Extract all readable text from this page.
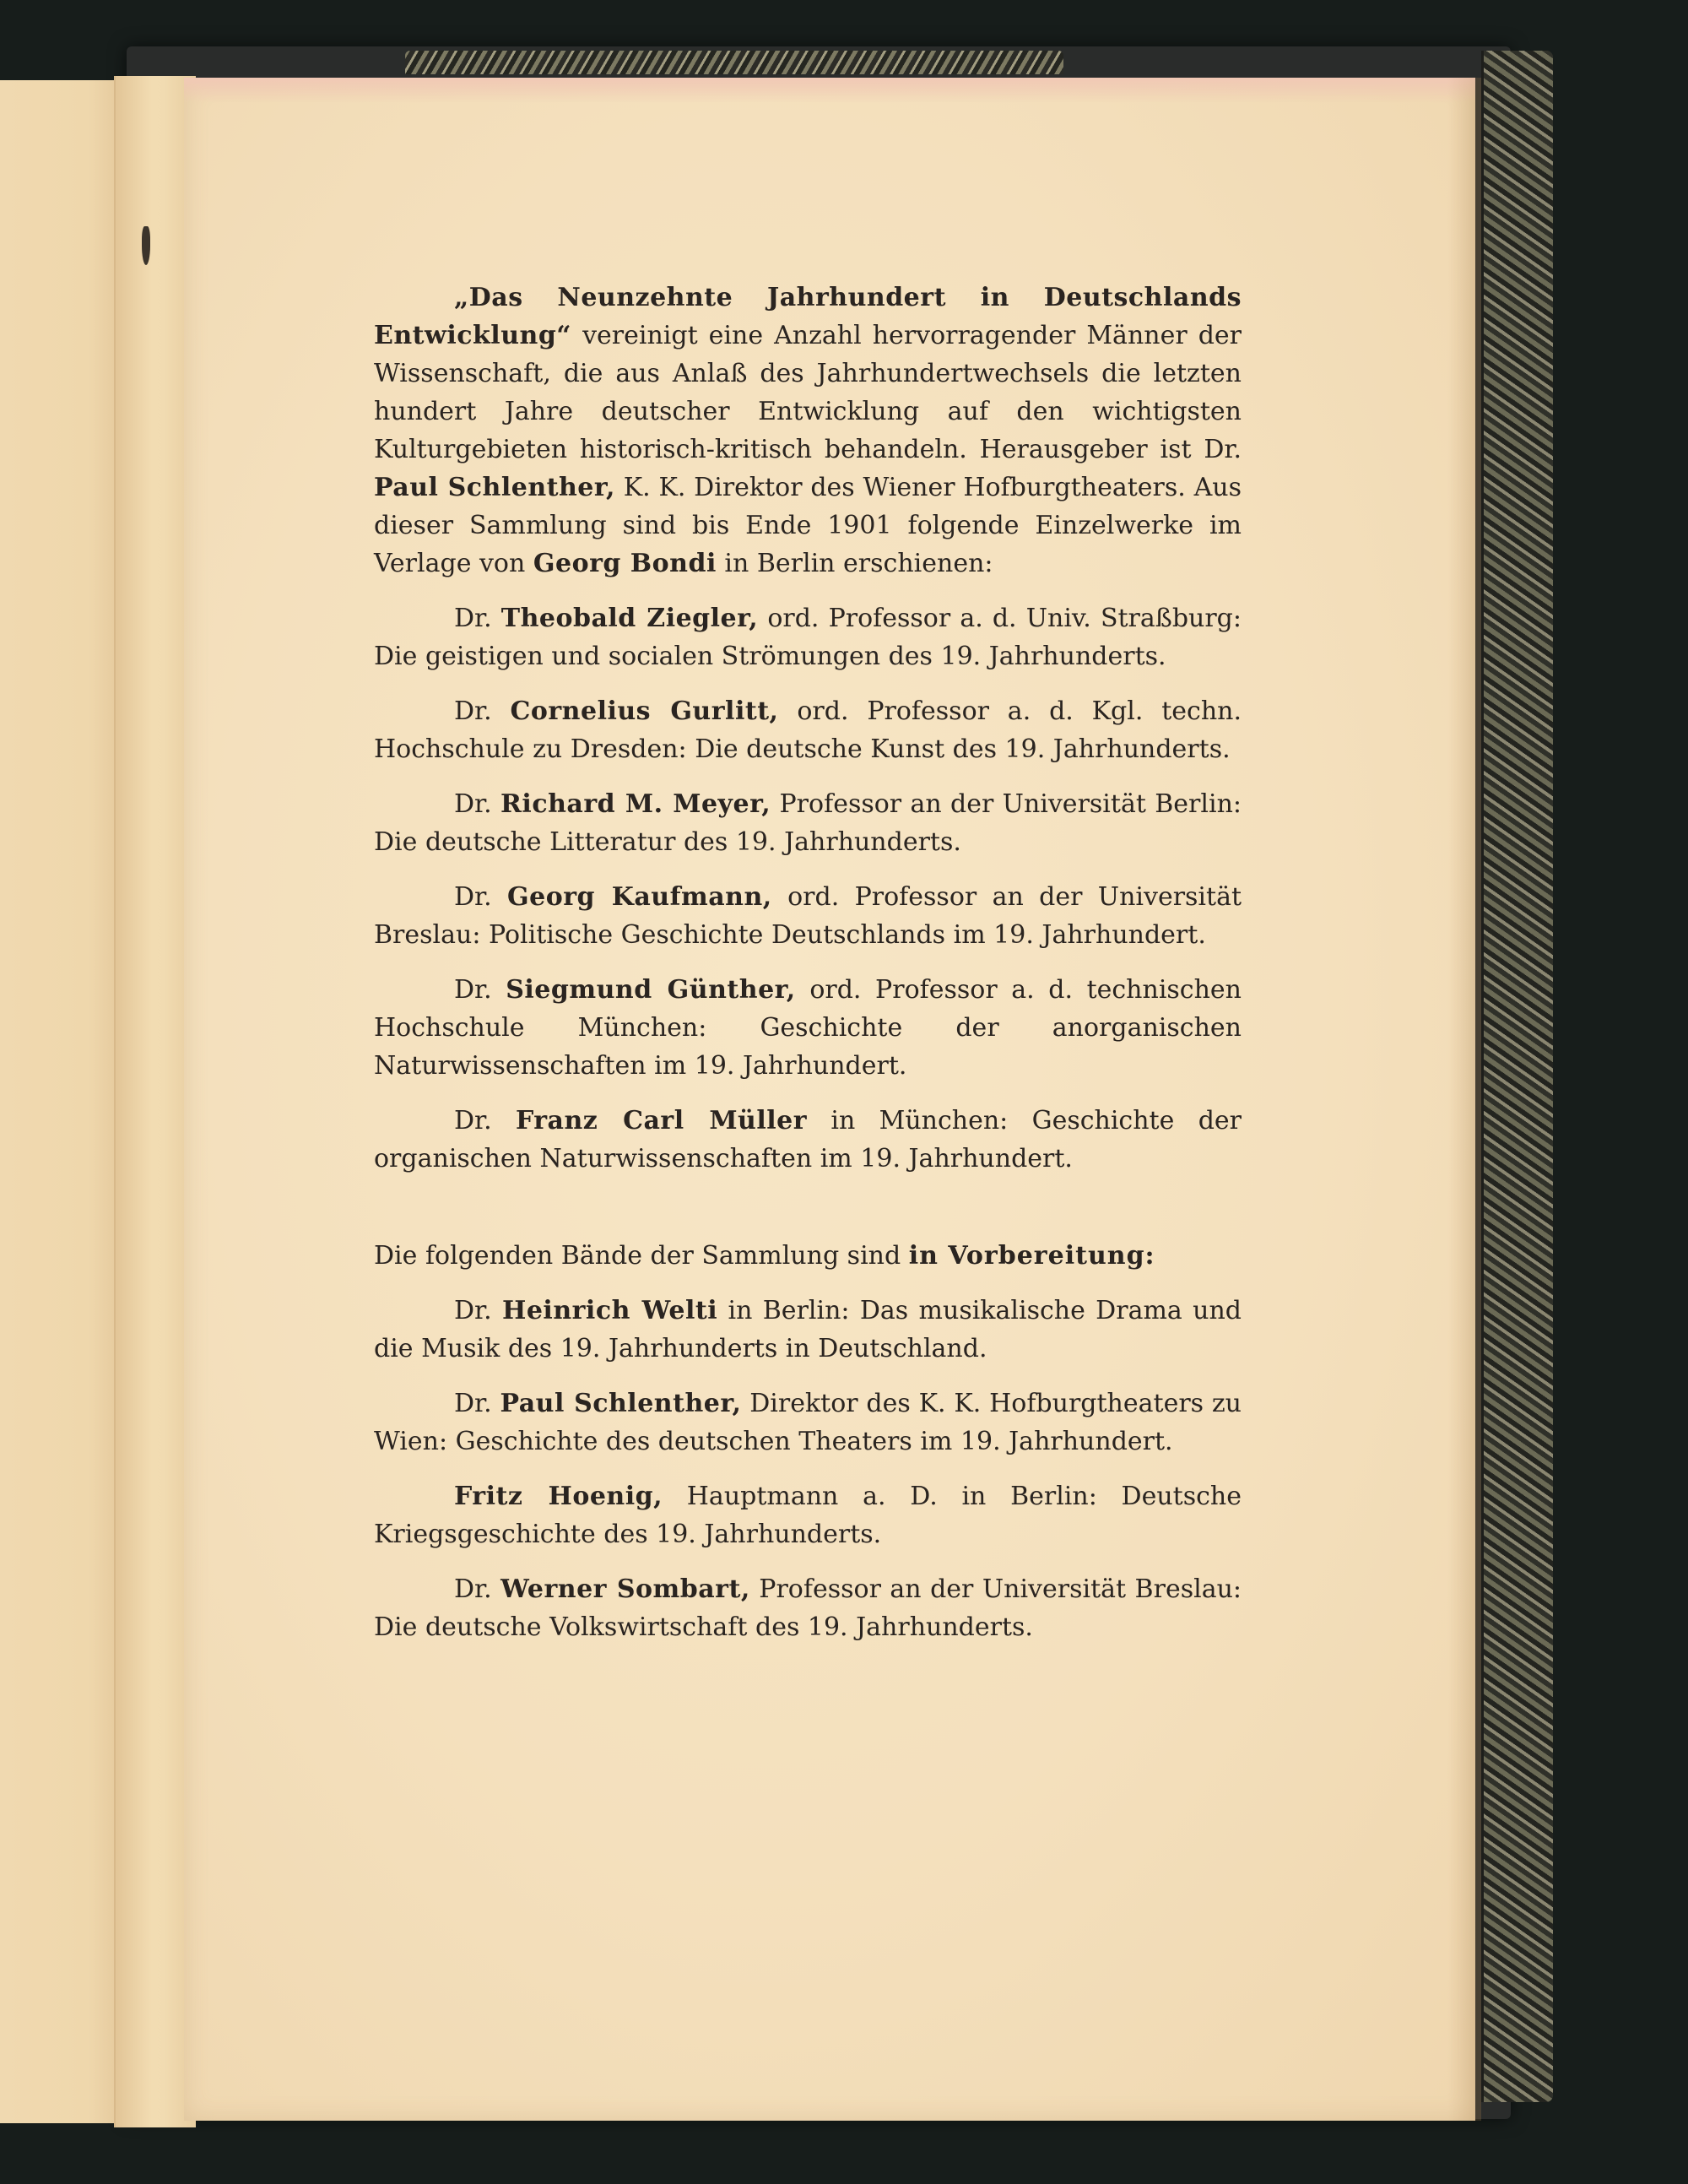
„Das Neunzehnte Jahrhundert in Deutschlands Entwicklung“ vereinigt eine Anzahl hervorragender Männer der Wissenschaft, die aus Anlaß des Jahrhundertwechsels die letzten hundert Jahre deutscher Entwicklung auf den wichtigsten Kulturgebieten historisch-kritisch behandeln. Herausgeber ist Dr. Paul Schlenther, K. K. Direktor des Wiener Hofburgtheaters. Aus dieser Sammlung sind bis Ende 1901 folgende Einzelwerke im Verlage von Georg Bondi in Berlin erschienen:

Dr. Theobald Ziegler, ord. Professor a. d. Univ. Straßburg: Die geistigen und socialen Strömungen des 19. Jahrhunderts.

Dr. Cornelius Gurlitt, ord. Professor a. d. Kgl. techn. Hochschule zu Dresden: Die deutsche Kunst des 19. Jahrhunderts.

Dr. Richard M. Meyer, Professor an der Universität Berlin: Die deutsche Litteratur des 19. Jahrhunderts.

Dr. Georg Kaufmann, ord. Professor an der Universität Breslau: Politische Geschichte Deutschlands im 19. Jahrhundert.

Dr. Siegmund Günther, ord. Professor a. d. technischen Hochschule München: Geschichte der anorganischen Naturwissenschaften im 19. Jahrhundert.

Dr. Franz Carl Müller in München: Geschichte der organischen Naturwissenschaften im 19. Jahrhundert.

Die folgenden Bände der Sammlung sind in Vorbereitung:

Dr. Heinrich Welti in Berlin: Das musikalische Drama und die Musik des 19. Jahrhunderts in Deutschland.

Dr. Paul Schlenther, Direktor des K. K. Hofburgtheaters zu Wien: Geschichte des deutschen Theaters im 19. Jahrhundert.

Fritz Hoenig, Hauptmann a. D. in Berlin: Deutsche Kriegsgeschichte des 19. Jahrhunderts.

Dr. Werner Sombart, Professor an der Universität Breslau: Die deutsche Volkswirtschaft des 19. Jahrhunderts.
